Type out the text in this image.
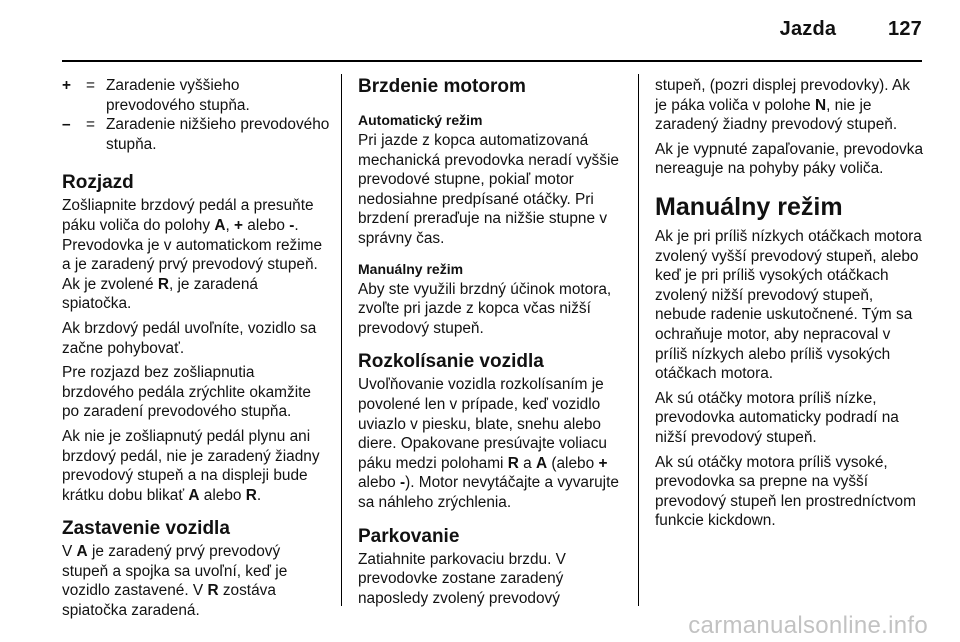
Jazda	127
+ = Zaradenie vyššieho prevodového stupňa.
–	= Zaradenie nižšieho prevodového stupňa.
Rozjazd

Zošliapnite brzdový pedál a presuňte páku voliča do polohy A, + alebo -. Prevodovka je v automatickom režime a je zaradený prvý prevodový stupeň. Ak je zvolené R, je zaradená spiatočka.

Ak brzdový pedál uvoľníte, vozidlo sa začne pohybovať.

Pre rozjazd bez zošliapnutia brzdového pedála zrýchlite okamžite po zaradení prevodového stupňa.

Ak nie je zošliapnutý pedál plynu ani brzdový pedál, nie je zaradený žiadny prevodový stupeň a na displeji bude krátku dobu blikať A alebo R.

Zastavenie vozidla

V A je zaradený prvý prevodový stupeň a spojka sa uvoľní, keď je vozidlo zastavené. V R zostáva spiatočka zaradená.

Brzdenie motorom
Automatický režim

Pri jazde z kopca automatizovaná mechanická prevodovka neradí vyššie prevodové stupne, pokiaľ motor nedosiahne predpísané otáčky. Pri brzdení preraďuje na nižšie stupne v správny čas.

Manuálny režim

Aby ste využili brzdný účinok motora, zvoľte pri jazde z kopca včas nižší prevodový stupeň.

Rozkolísanie vozidla

Uvoľňovanie vozidla rozkolísaním je povolené len v prípade, keď vozidlo uviazlo v piesku, blate, snehu alebo diere. Opakovane presúvajte voliacu páku medzi polohami R a A (alebo + alebo -). Motor nevytáčajte a vyvarujte sa náhleho zrýchlenia.

Parkovanie

Zatiahnite parkovaciu brzdu. V prevodovke zostane zaradený naposledy zvolený prevodový

stupeň, (pozri displej prevodovky). Ak je páka voliča v polohe N, nie je zaradený žiadny prevodový stupeň.

Ak je vypnuté zapaľovanie, prevodovka nereaguje na pohyby páky voliča.

Manuálny režim

Ak je pri príliš nízkych otáčkach motora zvolený vyšší prevodový stupeň, alebo keď je pri príliš vysokých otáčkach zvolený nižší prevodový stupeň, nebude radenie uskutočnené. Tým sa ochraňuje motor, aby nepracoval v príliš nízkych alebo príliš vysokých otáčkach motora.

Ak sú otáčky motora príliš nízke, prevodovka automaticky podradí na nižší prevodový stupeň.

Ak sú otáčky motora príliš vysoké, prevodovka sa prepne na vyšší prevodový stupeň len prostredníctvom funkcie kickdown.

carmanualsonline.info
